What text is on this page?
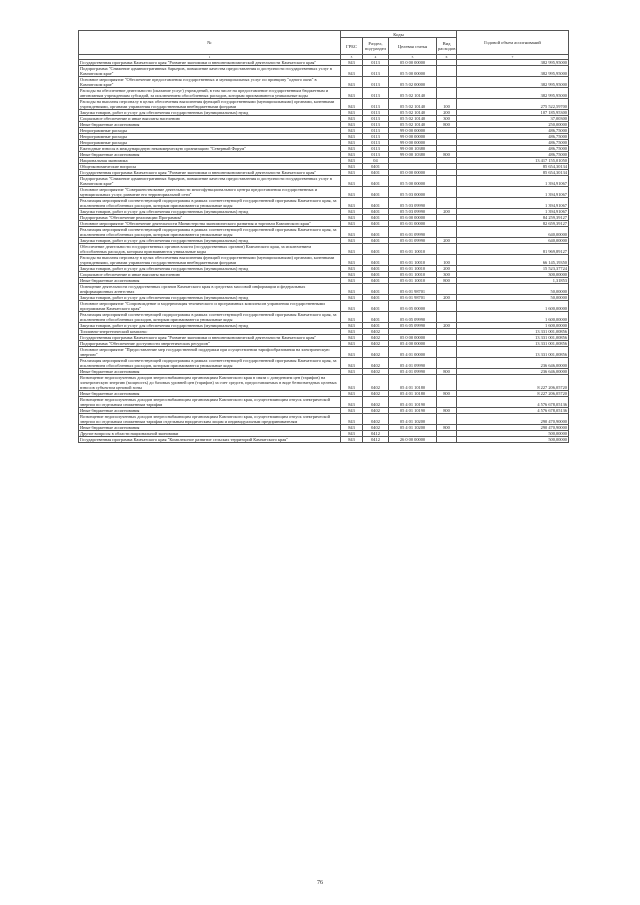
№	Коды				Годовой объем ассигнований
	ГРБС	Раздел, под-раздел	Целевая статья	Вид расходов	
1	3	4	5	6	7
Государственная программа Камчатского края "Развитие экономики и внешнеэкономической деятельности Камчатского края"	843	0113	05 0 00 00000		382 995,95000
Подпрограмма "Снижение административных барьеров, повышение качества предоставления и доступности государственных услуг в Камчатском крае"	843	0113	05 5 00 00000		382 995,95000
Основное мероприятие "Обеспечение предоставления государственных и муниципальных услуг по принципу "одного окна" в Камчатском крае"	843	0113	05 5 02 00000		382 995,95000
Расходы на обеспечение деятельности (оказание услуг) учреждений, в том числе на предоставление государственным бюджетным и автономным учреждениям субсидий, за исключением обособленных расходов, которым присваиваются уникальные коды	843	0113	05 5 02 10140		382 995,95000
Расходы на выплаты персоналу в целях обеспечения выполнения функций государственными (муниципальными) органами, казенными учреждениями, органами управления государственными внебюджетными фондами	843	0113	05 5 02 10140	100	275 522,59700
Закупка товаров, работ и услуг для обеспечения государственных (муниципальных) нужд	843	0113	05 5 02 10140	200	107 185,95300
Социальное обеспечение и иные выплаты населению	843	0113	05 5 02 10140	300	37,00300
Иные бюджетные ассигнования	843	0113	05 5 02 10140	800	250,00000
Непрограммные расходы	843	0113	99 0 00 00000		486,75000
Непрограммные расходы	843	0113	99 0 00 00000		486,75000
Непрограммные расходы	843	0113	99 0 00 00000		486,75000
Ежегодные взносы в международную некоммерческую организацию "Северный Форум"	843	0113	99 0 00 10380		486,75000
Иные бюджетные ассигнования	843	0113	99 0 00 10380	800	486,75000
Национальная экономика	843	04			13 417 155,01050
Общеэкономические вопросы	843	0401			85 654,30134
Государственная программа Камчатского края "Развитие экономики и внешнеэкономической деятельности Камчатского края"	843	0401	05 0 00 00000		85 654,30134
Подпрограмма "Снижение административных барьеров, повышение качества предоставления и доступности государственных услуг в Камчатском крае"	843	0401	05 5 00 00000		1 394,91067
Основное мероприятие "Совершенствование деятельности многофункционального центра предоставления государственных и муниципальных услуг, развитие его территориальной сети"	843	0401	05 5 03 00000		1 394,91067
Реализация мероприятий соответствующей подпрограммы в рамках соответствующей государственной программы Камчатского края, за исключением обособленных расходов, которым присваиваются уникальные коды	843	0401	05 5 03 09990		1 394,91067
Закупка товаров, работ и услуг для обеспечения государственных (муниципальных) нужд	843	0401	05 5 03 09990	200	1 394,91067
Подпрограмма "Обеспечение реализации Программы"	843	0401	05 6 00 00000		84 259,39127
Основное мероприятие "Обеспечение деятельности Министерства экономического развития и торговли Камчатского края"	843	0401	05 6 01 00000		82 659,39127
Реализация мероприятий соответствующей подпрограммы в рамках соответствующей государственной программы Камчатского края, за исключением обособленных расходов, которым присваиваются уникальные коды	843	0401	05 6 01 09990		640,00000
Закупка товаров, работ и услуг для обеспечения государственных (муниципальных) нужд	843	0401	05 6 01 09990	200	640,00000
Обеспечение деятельности государственных органов власти (государственных органов) Камчатского края, за исключением обособленных расходов, которым присваиваются уникальные коды	843	0401	05 6 01 10010		81 969,89127
Расходы на выплаты персоналу в целях обеспечения выполнения функций государственными (муниципальными) органами, казенными учреждениями, органами управления государственными внебюджетными фондами	843	0401	05 6 01 10010	100	66 145,19350
Закупка товаров, работ и услуг для обеспечения государственных (муниципальных) нужд	843	0401	05 6 01 10010	200	15 523,37724
Социальное обеспечение и иные выплаты населению	843	0401	05 6 01 10010	300	300,00000
Иные бюджетные ассигнования	843	0401	05 6 01 10010	800	1,31853
Освещение деятельности государственных органов Камчатского края в средствах массовой информации и федеральных информационных агентствах	843	0401	05 6 01 98701		50,00000
Закупка товаров, работ и услуг для обеспечения государственных (муниципальных) нужд	843	0401	05 6 01 98701	200	50,00000
Основное мероприятие "Сопровождение и модернизация технического и программных комплексов управления государственными программами Камчатского края"	843	0401	05 6 05 00000		1 600,00000
Реализация мероприятий соответствующей подпрограммы в рамках соответствующей государственной программы Камчатского края, за исключением обособленных расходов, которым присваиваются уникальные коды	843	0401	05 6 05 09990		1 600,00000
Закупка товаров, работ и услуг для обеспечения государственных (муниципальных) нужд	843	0401	05 6 05 09990	200	1 600,00000
Топливно-энергетический комплекс	843	0402			13 331 001,00856
Государственная программа Камчатского края "Развитие экономики и внешнеэкономической деятельности Камчатского края"	843	0402	05 0 00 00000		13 331 001,00856
Подпрограмма "Обеспечение доступности энергетических ресурсов"	843	0402	05 4 00 00000		13 331 001,00856
Основное мероприятие "Предоставление мер государственной поддержки при осуществлении тарифообразования на электрическую энергию"	843	0402	05 4 01 00000		13 331 001,00856
Реализация мероприятий соответствующей подпрограммы в рамках соответствующей государственной программы Камчатского края, за исключением обособленных расходов, которым присваиваются уникальные коды	843	0402	05 4 01 09990		236 646,00000
Иные бюджетные ассигнования	843	0402	05 4 01 09990	800	236 646,00000
Возмещение недополученных доходов энергоснабжающим организациям Камчатского края в связи с доведением цен (тарифов) на электрическую энергию (мощность) до базовых уровней цен (тарифов) за счет средств, предоставляемых в виде безвозмездных целевых взносов субъектом ценовой зоны	843	0402	05 4 01 10180		8 227 206,05720
Иные бюджетные ассигнования	843	0402	05 4 01 10180	800	8 227 206,05720
Возмещение недополученных доходов энергоснабжающим организациям Камчатского края, осуществляющим отпуск электрической энергии по отдельным сниженным тарифам	843	0402	05 4 01 10190		4 576 678,05136
Иные бюджетные ассигнования	843	0402	05 4 01 10190	800	4 576 678,05136
Возмещение недополученных доходов энергоснабжающим организациям Камчатского края, осуществляющим отпуск электрической энергии по отдельным сниженным тарифам отдельным юридическим лицам и индивидуальным предпринимателям	843	0402	05 4 01 10200		290 470,90000
Иные бюджетные ассигнования	843	0402	05 4 01 10200	800	290 470,90000
Другие вопросы в области национальной экономики	843	0412			500,00000
Государственная программа Камчатского края "Комплексное развитие сельских территорий Камчатского края"	843	0412	26 0 00 00000		500,00000
76
